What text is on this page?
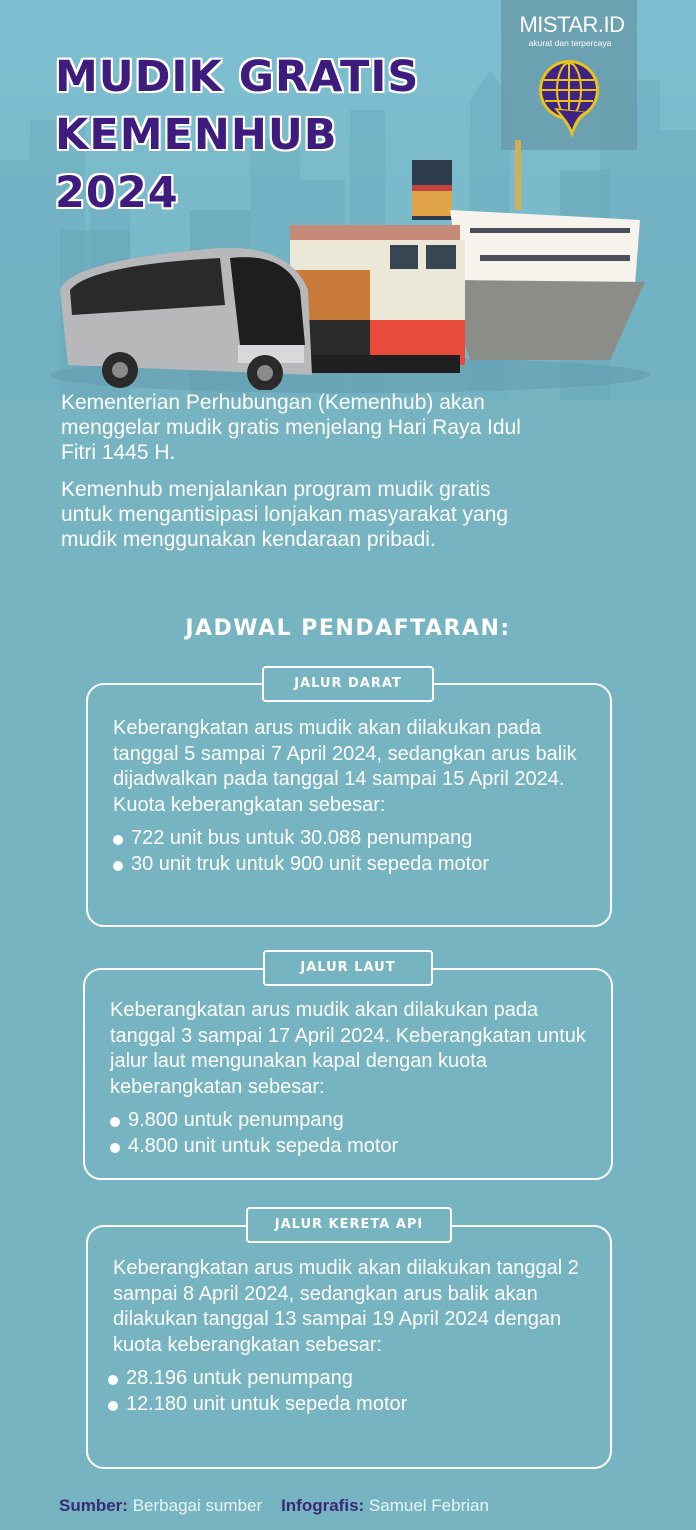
MISTAR.ID
akurat dan terpercaya
MUDIK GRATIS
KEMENHUB
2024

Kementerian Perhubungan (Kemenhub) akan menggelar mudik gratis menjelang Hari Raya Idul Fitri 1445 H.

Kemenhub menjalankan program mudik gratis untuk mengantisipasi lonjakan masyarakat yang mudik menggunakan kendaraan pribadi.

JADWAL PENDAFTARAN:
JALUR DARAT
Keberangkatan arus mudik akan dilakukan pada tanggal 5 sampai 7 April 2024, sedangkan arus balik dijadwalkan pada tanggal 14 sampai 15 April 2024. Kuota keberangkatan sebesar:
722 unit bus untuk 30.088 penumpang
30 unit truk untuk 900 unit sepeda motor
JALUR LAUT
Keberangkatan arus mudik akan dilakukan pada tanggal 3 sampai 17 April 2024. Keberangkatan untuk jalur laut mengunakan kapal dengan kuota keberangkatan sebesar:
9.800 untuk penumpang
4.800 unit untuk sepeda motor
JALUR KERETA API
Keberangkatan arus mudik akan dilakukan tanggal 2 sampai 8 April 2024, sedangkan arus balik akan dilakukan tanggal 13 sampai 19 April 2024 dengan kuota keberangkatan sebesar:
28.196 untuk penumpang
12.180 unit untuk sepeda motor
Sumber: Berbagai sumber Infografis: Samuel Febrian
